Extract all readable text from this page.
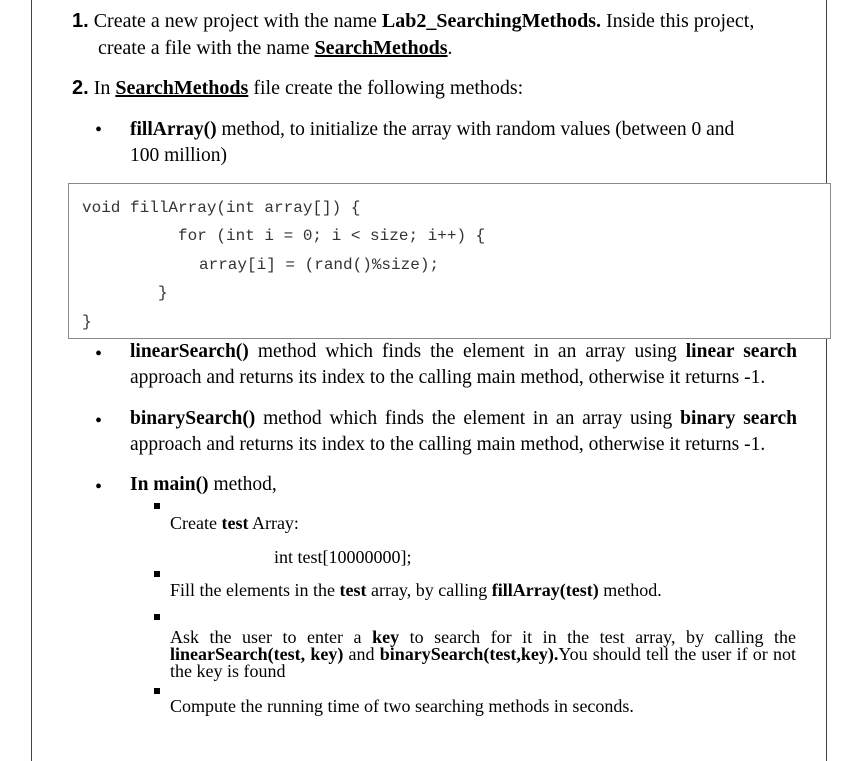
1. Create a new project with the name Lab2_SearchingMethods. Inside this project,
create a file with the name SearchMethods.
2. In SearchMethods file create the following methods:
• fillArray() method, to initialize the array with random values (between 0 and
100 million)
void fillArray(int array[]) {
for (int i = 0; i < size; i++) {
array[i] = (rand()%size);
}
}
• linearSearch() method which finds the element in an array using linear search approach and returns its index to the calling main method, otherwise it returns -1.
• binarySearch() method which finds the element in an array using binary search approach and returns its index to the calling main method, otherwise it returns -1.
• In main() method,
Create test Array:
int test[10000000];
Fill the elements in the test array, by calling fillArray(test) method.
Ask the user to enter a key to search for it in the test array, by calling the linearSearch(test, key) and binarySearch(test,key).You should tell the user if or not the key is found
Compute the running time of two searching methods in seconds.
